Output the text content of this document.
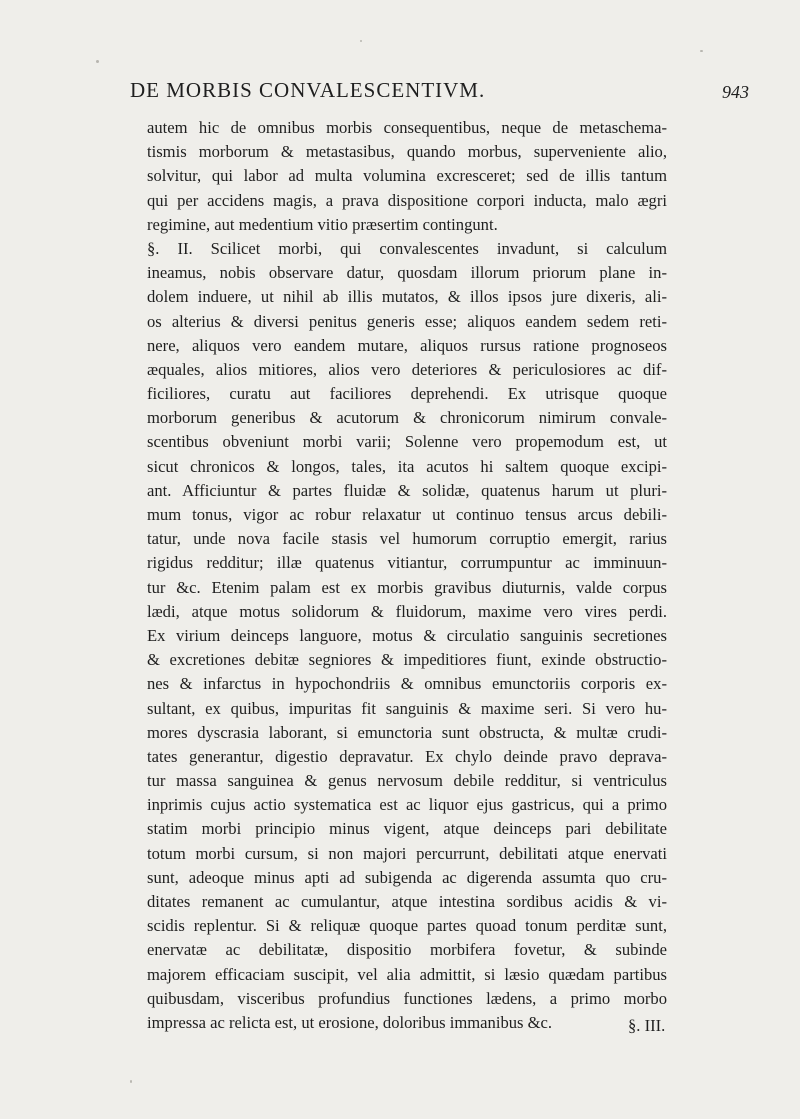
DE MORBIS CONVALESCENTIVM.	943
autem hic de omnibus morbis consequentibus, neque de metaschema-
tismis morborum & metastasibus, quando morbus, superveniente alio,
solvitur, qui labor ad multa volumina excresceret; sed de illis tantum
qui per accidens magis, a prava dispositione corpori inducta, malo ægri
regimine, aut medentium vitio præsertim contingunt.
§. II. Scilicet morbi, qui convalescentes invadunt, si calculum
ineamus, nobis observare datur, quosdam illorum priorum plane in-
dolem induere, ut nihil ab illis mutatos, & illos ipsos jure dixeris, ali-
os alterius & diversi penitus generis esse; aliquos eandem sedem reti-
nere, aliquos vero eandem mutare, aliquos rursus ratione prognoseos
æquales, alios mitiores, alios vero deteriores & periculosiores ac dif-
ficiliores, curatu aut faciliores deprehendi. Ex utrisque quoque
morborum generibus & acutorum & chronicorum nimirum convale-
scentibus obveniunt morbi varii; Solenne vero propemodum est, ut
sicut chronicos & longos, tales, ita acutos hi saltem quoque excipi-
ant. Afficiuntur & partes fluidæ & solidæ, quatenus harum ut pluri-
mum tonus, vigor ac robur relaxatur ut continuo tensus arcus debili-
tatur, unde nova facile stasis vel humorum corruptio emergit, rarius
rigidus redditur; illæ quatenus vitiantur, corrumpuntur ac imminuun-
tur &c. Etenim palam est ex morbis gravibus diuturnis, valde corpus
lædi, atque motus solidorum & fluidorum, maxime vero vires perdi.
Ex virium deinceps languore, motus & circulatio sanguinis secretiones
& excretiones debitæ segniores & impeditiores fiunt, exinde obstructio-
nes & infarctus in hypochondriis & omnibus emunctoriis corporis ex-
sultant, ex quibus, impuritas fit sanguinis & maxime seri. Si vero hu-
mores dyscrasia laborant, si emunctoria sunt obstructa, & multæ crudi-
tates generantur, digestio depravatur. Ex chylo deinde pravo deprava-
tur massa sanguinea & genus nervosum debile redditur, si ventriculus
inprimis cujus actio systematica est ac liquor ejus gastricus, qui a primo
statim morbi principio minus vigent, atque deinceps pari debilitate
totum morbi cursum, si non majori percurrunt, debilitati atque enervati
sunt, adeoque minus apti ad subigenda ac digerenda assumta quo cru-
ditates remanent ac cumulantur, atque intestina sordibus acidis & vi-
scidis replentur. Si & reliquæ quoque partes quoad tonum perditæ sunt,
enervatæ ac debilitatæ, dispositio morbifera fovetur, & subinde
majorem efficaciam suscipit, vel alia admittit, si læsio quædam partibus
quibusdam, visceribus profundius functiones lædens, a primo morbo
impressa ac relicta est, ut erosione, doloribus immanibus &c.	§. III.
